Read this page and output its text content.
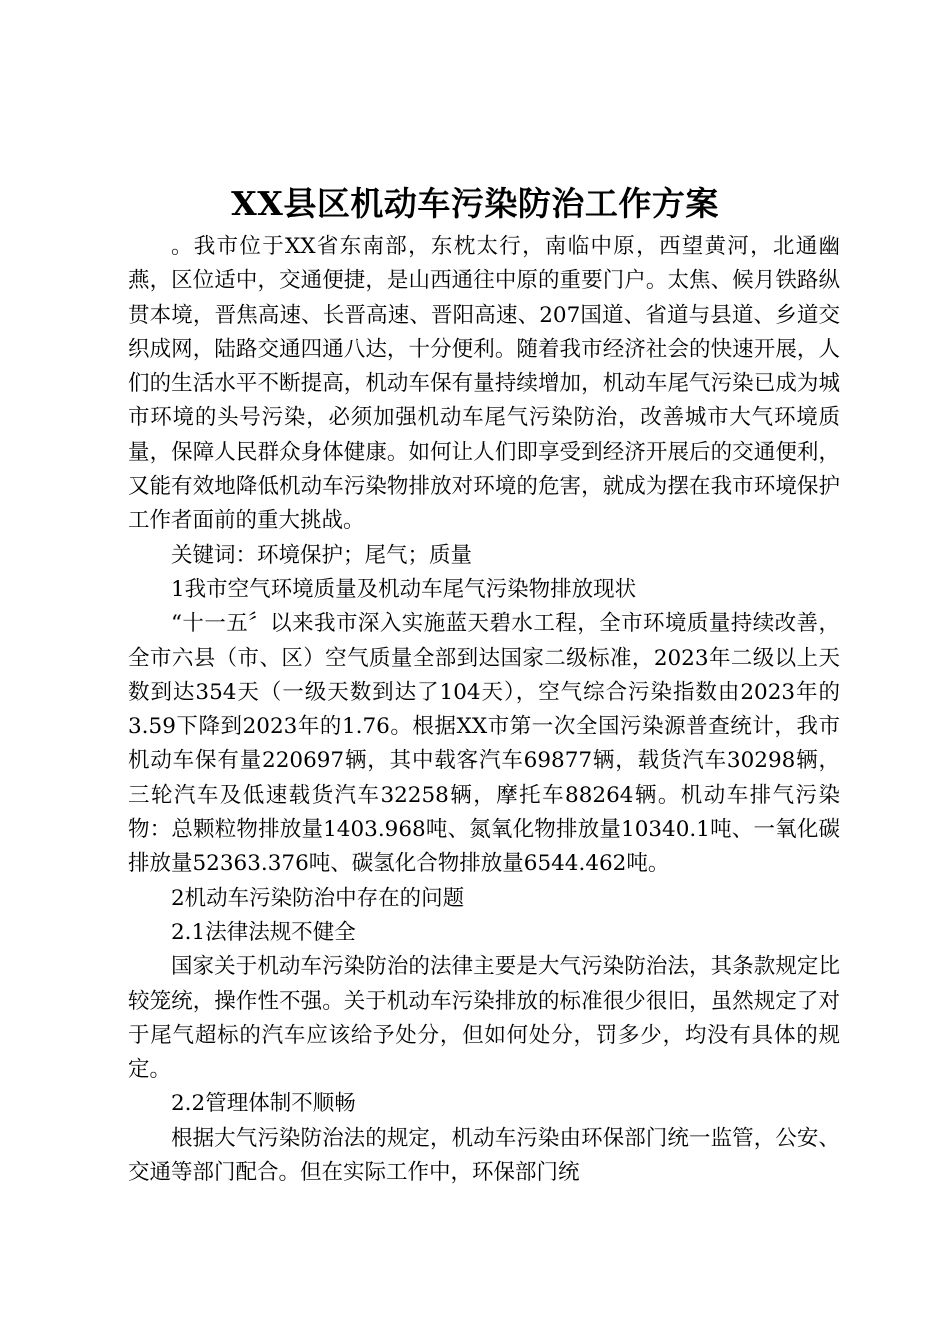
XX县区机动车污染防治工作方案

。我市位于XX省东南部，东枕太行，南临中原，西望黄河，北通幽燕，区位适中，交通便捷，是山西通往中原的重要门户。太焦、候月铁路纵贯本境，晋焦高速、长晋高速、晋阳高速、207国道、省道与县道、乡道交织成网，陆路交通四通八达，十分便利。随着我市经济社会的快速开展，人们的生活水平不断提高，机动车保有量持续增加，机动车尾气污染已成为城市环境的头号污染，必须加强机动车尾气污染防治，改善城市大气环境质量，保障人民群众身体健康。如何让人们即享受到经济开展后的交通便利，又能有效地降低机动车污染物排放对环境的危害，就成为摆在我市环境保护工作者面前的重大挑战。

关键词：环境保护；尾气；质量

1我市空气环境质量及机动车尾气污染物排放现状

“十一五〞以来我市深入实施蓝天碧水工程，全市环境质量持续改善，全市六县（市、区）空气质量全部到达国家二级标准，2023年二级以上天数到达354天（一级天数到达了104天），空气综合污染指数由2023年的3.59下降到2023年的1.76。根据XX市第一次全国污染源普查统计，我市机动车保有量220697辆，其中载客汽车69877辆，载货汽车30298辆，三轮汽车及低速载货汽车32258辆，摩托车88264辆。机动车排气污染物：总颗粒物排放量1403.968吨、氮氧化物排放量10340.1吨、一氧化碳排放量52363.376吨、碳氢化合物排放量6544.462吨。

2机动车污染防治中存在的问题

2.1法律法规不健全

国家关于机动车污染防治的法律主要是大气污染防治法，其条款规定比较笼统，操作性不强。关于机动车污染排放的标准很少很旧，虽然规定了对于尾气超标的汽车应该给予处分，但如何处分，罚多少，均没有具体的规定。

2.2管理体制不顺畅

根据大气污染防治法的规定，机动车污染由环保部门统一监管，公安、交通等部门配合。但在实际工作中，环保部门统
